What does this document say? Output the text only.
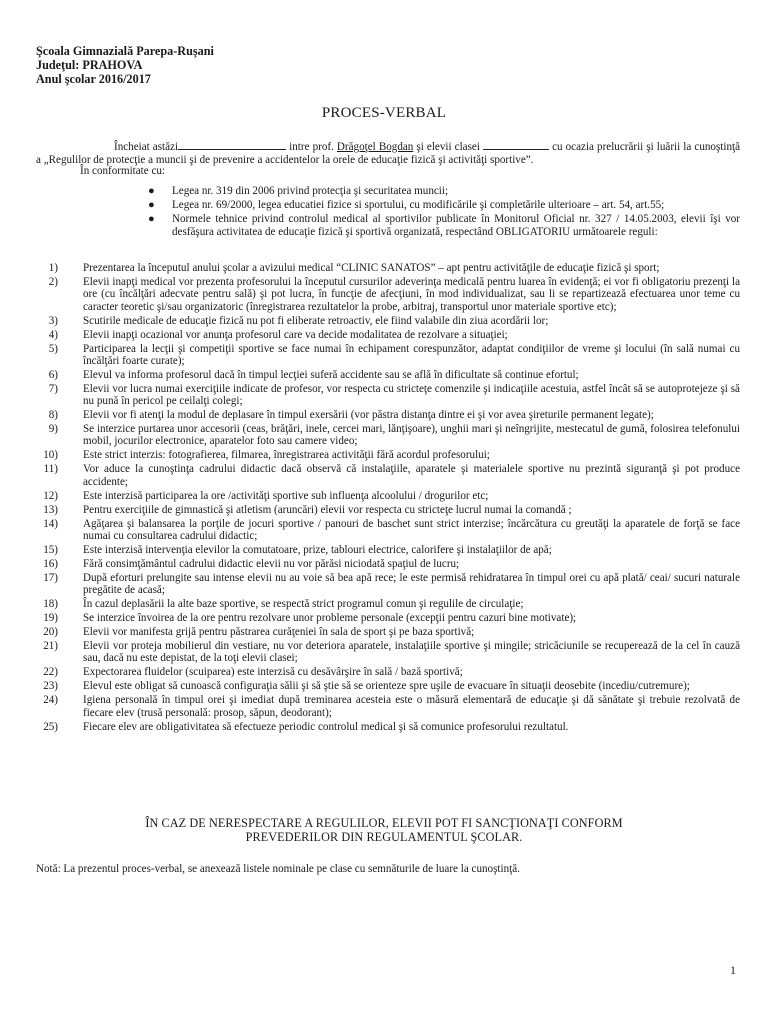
Şcoala Gimnazială Parepa-Ruşani
Judeţul: PRAHOVA
Anul şcolar 2016/2017
PROCES-VERBAL
Încheiat astăzi	intre prof. Drăgoţel Bogdan şi elevii clasei	cu ocazia prelucrării şi luării la cunoştinţă a „Regulilor de protecţie a muncii şi de prevenire a accidentelor la orele de educaţie fizică şi activităţi sportive”.
În conformitate cu:
● Legea nr. 319 din 2006 privind protecţia şi securitatea muncii;
● Legea nr. 69/2000, legea educatiei fizice si sportului, cu modificările şi completările ulterioare – art. 54, art.55;
● Normele tehnice privind controlul medical al sportivilor publicate în Monitorul Oficial nr. 327 / 14.05.2003, elevii îşi vor desfăşura activitatea de educaţie fizică şi sportivă organizată, respectând OBLIGATORIU următoarele reguli:
1) Prezentarea la începutul anului şcolar a avizului medical “CLINIC SANATOS” – apt pentru activităţile de educaţie fizică şi sport;
2) Elevii inapţi medical vor prezenta profesorului la începutul cursurilor adeverinţa medicală pentru luarea în evidenţă; ei vor fi obligatoriu prezenţi la ore (cu încălţări adecvate pentru sală) şi pot lucra, în funcţie de afecţiuni, în mod individualizat, sau li se repartizează efectuarea unor teme cu caracter teoretic şi/sau organizatoric (înregistrarea rezultatelor la probe, arbitraj, transportul unor materiale sportive etc);
3) Scutirile medicale de educaţie fizică nu pot fi eliberate retroactiv, ele fiind valabile din ziua acordării lor;
4) Elevii inapţi ocazional vor anunţa profesorul care va decide modalitatea de rezolvare a situaţiei;
5) Participarea la lecţii şi competiţii sportive se face numai în echipament corespunzător, adaptat condiţiilor de vreme şi locului (în sală numai cu încălţări foarte curate);
6) Elevul va informa profesorul dacă în timpul lecţiei suferă accidente sau se află în dificultate să continue efortul;
7) Elevii vor lucra numai exerciţiile indicate de profesor, vor respecta cu stricteţe comenzile şi indicaţiile acestuia, astfel încât să se autoprotejeze şi să nu pună în pericol pe ceilalţi colegi;
8) Elevii vor fi atenţi la modul de deplasare în timpul exersării (vor păstra distanţa dintre ei şi vor avea şireturile permanent legate);
9) Se interzice purtarea unor accesorii (ceas, brăţări, inele, cercei mari, lănţişoare), unghii mari şi neîngrijite, mestecatul de gumă, folosirea telefonului mobil, jocurilor electronice, aparatelor foto sau camere video;
10) Este strict interzis: fotografierea, filmarea, înregistrarea activităţii fără acordul profesorului;
11) Vor aduce la cunoştinţa cadrului didactic dacă observă că instalaţiile, aparatele şi materialele sportive nu prezintă siguranţă şi pot produce accidente;
12) Este interzisă participarea la ore /activităţi sportive sub influenţa alcoolului / drogurilor etc;
13) Pentru exerciţiile de gimnastică şi atletism (aruncări) elevii vor respecta cu stricteţe lucrul numai la comandă ;
14) Agăţarea şi balansarea la porţile de jocuri sportive / panouri de baschet sunt strict interzise; încărcătura cu greutăţi la aparatele de forţă se face numai cu consultarea cadrului didactic;
15) Este interzisă intervenţia elevilor la comutatoare, prize, tablouri electrice, calorifere şi instalaţiilor de apă;
16) Fără consimţământul cadrului didactic elevii nu vor părăsi niciodată spaţiul de lucru;
17) După eforturi prelungite sau intense elevii nu au voie să bea apă rece; le este permisă rehidratarea în timpul orei cu apă plată/ ceai/ sucuri naturale pregătite de acasă;
18) În cazul deplasării la alte baze sportive, se respectă strict programul comun şi regulile de circulaţie;
19) Se interzice învoirea de la ore pentru rezolvare unor probleme personale (excepţii pentru cazuri bine motivate);
20) Elevii vor manifesta grijă pentru păstrarea curăţeniei în sala de sport şi pe baza sportivă;
21) Elevii vor proteja mobilierul din vestiare, nu vor deteriora aparatele, instalaţiile sportive şi mingile; stricăciunile se recuperează de la cel în cauză sau, dacă nu este depistat, de la toţi elevii clasei;
22) Expectorarea fluidelor (scuiparea) este interzisă cu desăvârşire în sală / bază sportivă;
23) Elevul este obligat să cunoască configuraţia sălii şi să ştie să se orienteze spre uşile de evacuare în situaţii deosebite (incediu/cutremure);
24) Igiena personală în timpul orei şi imediat după treminarea acesteia este o măsură elementară de educaţie şi dă sănătate şi trebuie rezolvată de fiecare elev (trusă personală: prosop, săpun, deodorant);
25) Fiecare elev are obligativitatea să efectueze periodic controlul medical şi să comunice profesorului rezultatul.
ÎN CAZ DE NERESPECTARE A REGULILOR, ELEVII POT FI SANCŢIONAŢI CONFORM PREVEDERILOR DIN REGULAMENTUL ŞCOLAR.
Notă: La prezentul proces-verbal, se anexează listele nominale pe clase cu semnăturile de luare la cunoştinţă.
1
